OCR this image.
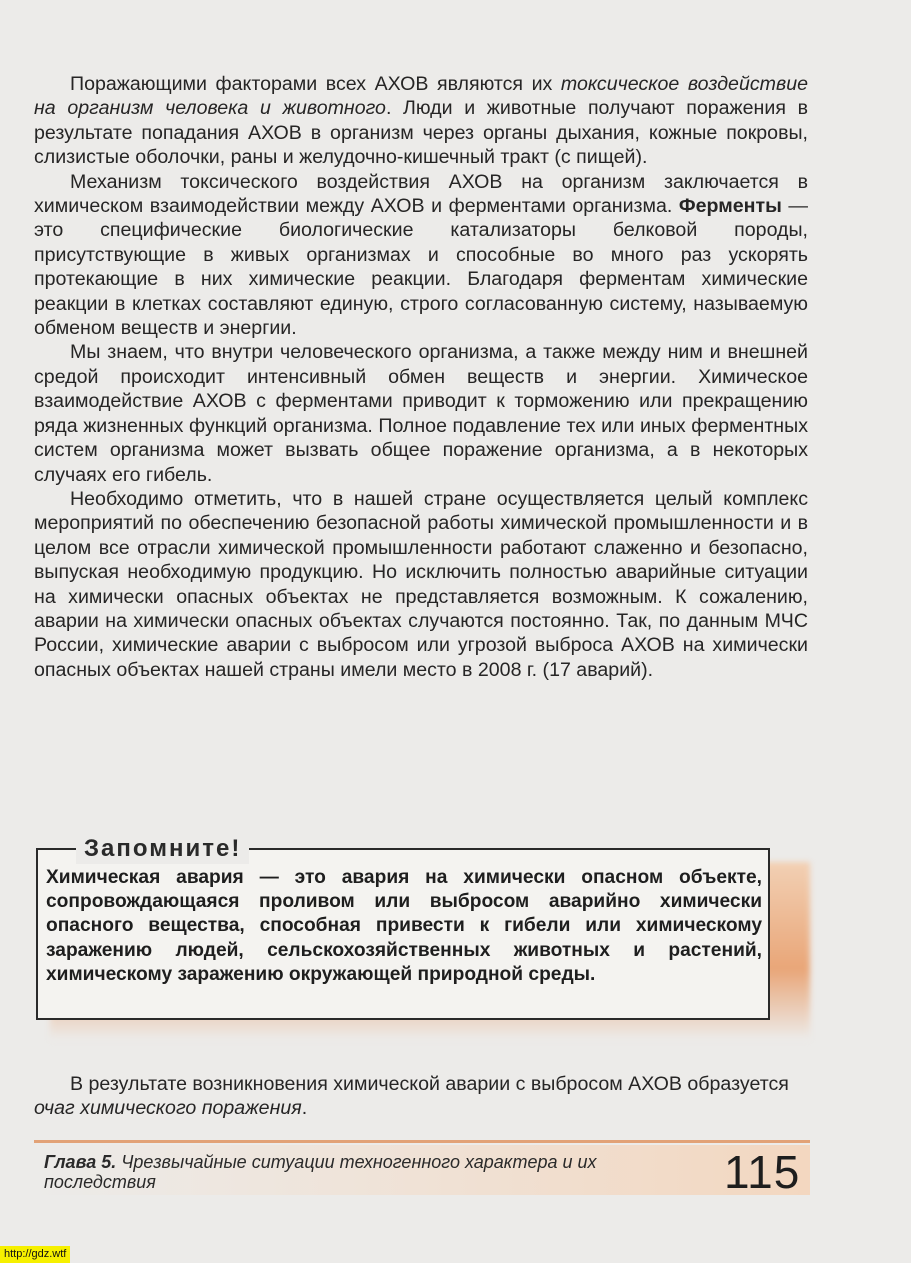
Поражающими факторами всех АХОВ являются их токсическое воздействие на организм человека и животного. Люди и животные получают поражения в результате попадания АХОВ в организм через органы дыхания, кожные покровы, слизистые оболочки, раны и желудочно-кишечный тракт (с пищей).

Механизм токсического воздействия АХОВ на организм заключается в химическом взаимодействии между АХОВ и ферментами организма. Ферменты — это специфические биологические катализаторы белковой породы, присутствующие в живых организмах и способные во много раз ускорять протекающие в них химические реакции. Благодаря ферментам химические реакции в клетках составляют единую, строго согласованную систему, называемую обменом веществ и энергии.

Мы знаем, что внутри человеческого организма, а также между ним и внешней средой происходит интенсивный обмен веществ и энергии. Химическое взаимодействие АХОВ с ферментами приводит к торможению или прекращению ряда жизненных функций организма. Полное подавление тех или иных ферментных систем организма может вызвать общее поражение организма, а в некоторых случаях его гибель.

Необходимо отметить, что в нашей стране осуществляется целый комплекс мероприятий по обеспечению безопасной работы химической промышленности и в целом все отрасли химической промышленности работают слаженно и безопасно, выпуская необходимую продукцию. Но исключить полностью аварийные ситуации на химически опасных объектах не представляется возможным. К сожалению, аварии на химически опасных объектах случаются постоянно. Так, по данным МЧС России, химические аварии с выбросом или угрозой выброса АХОВ на химически опасных объектах нашей страны имели место в 2008 г. (17 аварий).

Запомните!
Химическая авария — это авария на химически опасном объекте, сопровождающаяся проливом или выбросом аварийно химически опасного вещества, способная привести к гибели или химическому заражению людей, сельскохозяйственных животных и растений, химическому заражению окружающей природной среды.
В результате возникновения химической аварии с выбросом АХОВ образуется очаг химического поражения.
Глава 5. Чрезвычайные ситуации техногенного характера и их последствия	115
http://gdz.wtf
